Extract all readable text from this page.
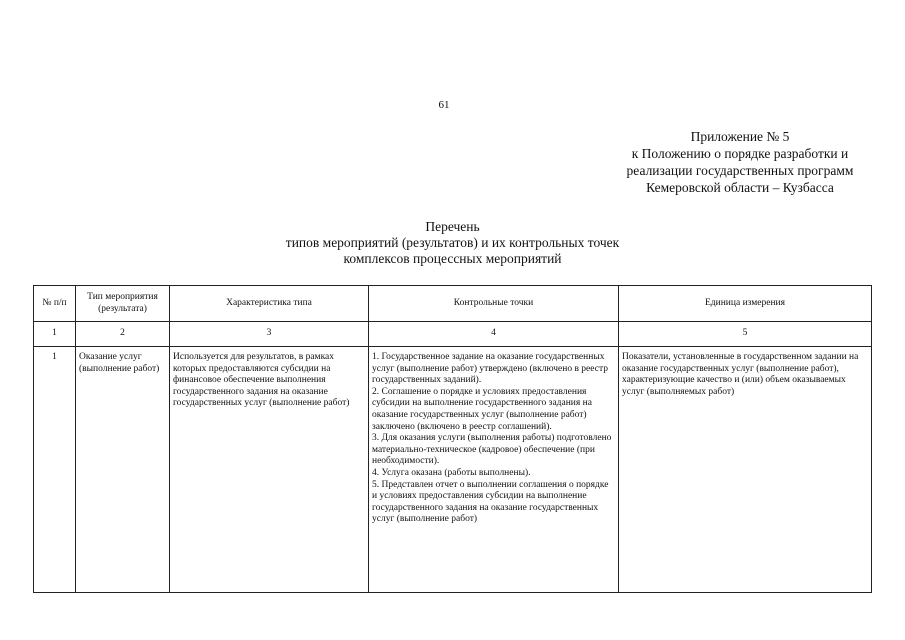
61
Приложение № 5
к Положению о порядке разработки и
реализации государственных программ
Кемеровской области – Кузбасса
Перечень
типов мероприятий (результатов) и их контрольных точек
комплексов процессных мероприятий
№ п/п	Тип мероприятия (результата)	Характеристика типа	Контрольные точки	Единица измерения
1	2	3	4	5
1	Оказание услуг (выполнение работ)	Используется для результатов, в рамках которых предоставляются субсидии на финансовое обеспечение выполнения государственного задания на оказание государственных услуг (выполнение работ)	1. Государственное задание на оказание государственных услуг (выполнение работ) утверждено (включено в реестр государственных заданий).
2. Соглашение о порядке и условиях предоставления субсидии на выполнение государственного задания на оказание государственных услуг (выполнение работ) заключено (включено в реестр соглашений).
3. Для оказания услуги (выполнения работы) подготовлено материально-техническое (кадровое) обеспечение (при необходимости).
4. Услуга оказана (работы выполнены).
5. Представлен отчет о выполнении соглашения о порядке и условиях предоставления субсидии на выполнение государственного задания на оказание государственных услуг (выполнение работ)	Показатели, установленные в государственном задании на оказание государственных услуг (выполнение работ), характеризующие качество и (или) объем оказываемых услуг (выполняемых работ)
